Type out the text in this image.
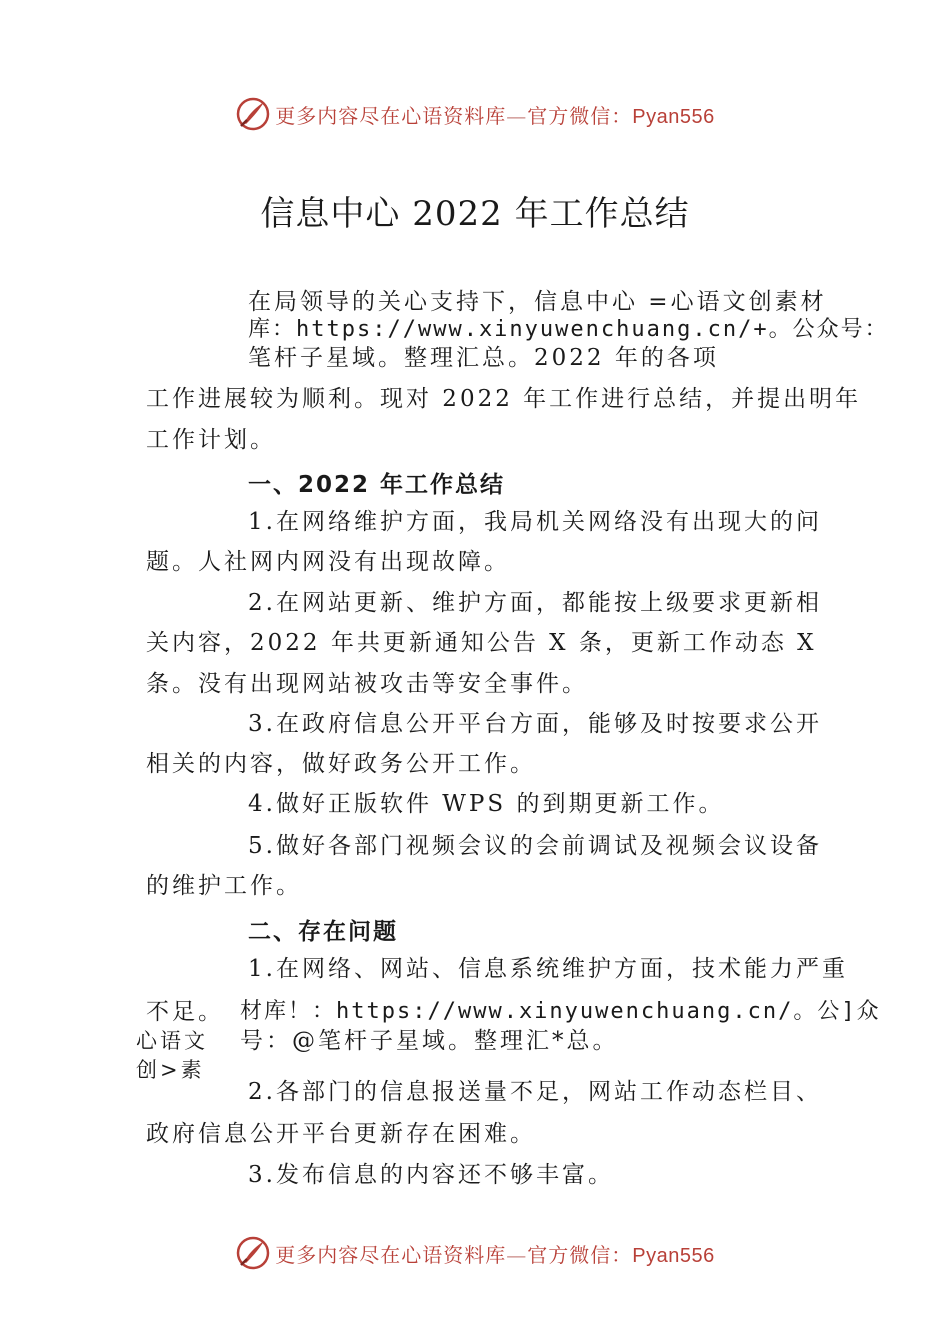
更多内容尽在心语资料库—官方微信：Pyan556
信息中心 2022 年工作总结
在局领导的关心支持下，信息中心 =心语文创素材
库：https://www.xinyuwenchuang.cn/+。公众号：
笔杆子星域。整理汇总。2022 年的各项
工作进展较为顺利。现对 2022 年工作进行总结，并提出明年
工作计划。
一、2022 年工作总结
1.在网络维护方面，我局机关网络没有出现大的问
题。人社网内网没有出现故障。
2.在网站更新、维护方面，都能按上级要求更新相
关内容，2022 年共更新通知公告 X 条，更新工作动态 X
条。没有出现网站被攻击等安全事件。
3.在政府信息公开平台方面，能够及时按要求公开
相关的内容，做好政务公开工作。
4.做好正版软件 WPS 的到期更新工作。
5.做好各部门视频会议的会前调试及视频会议设备
的维护工作。
二、存在问题
1.在网络、网站、信息系统维护方面，技术能力严重
不足。 材库！：https://www.xinyuwenchuang.cn/。公]众
心语文 号：@笔杆子星域。整理汇*总。
创>素
2.各部门的信息报送量不足，网站工作动态栏目、
政府信息公开平台更新存在困难。
3.发布信息的内容还不够丰富。
更多内容尽在心语资料库—官方微信：Pyan556
